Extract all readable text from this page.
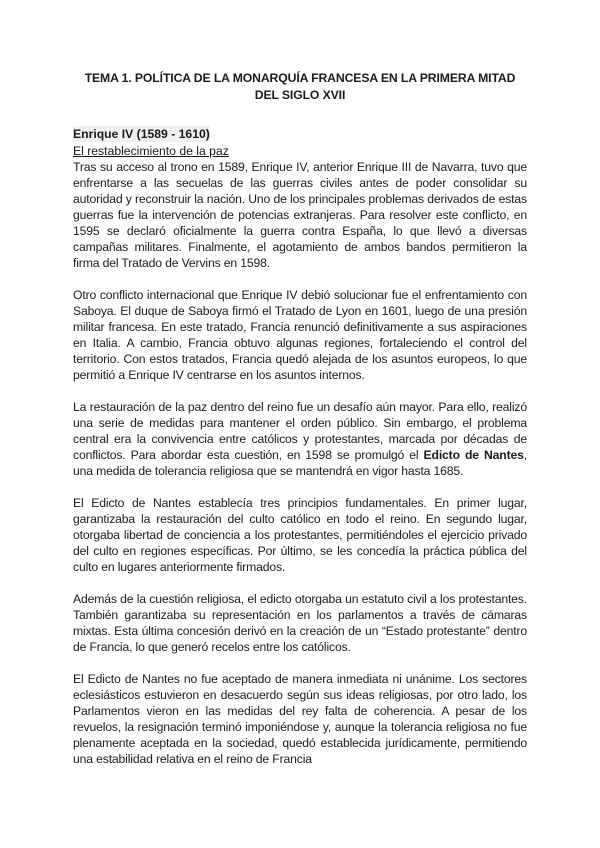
TEMA 1. POLÍTICA DE LA MONARQUÍA FRANCESA EN LA PRIMERA MITAD DEL SIGLO XVII
Enrique IV (1589 - 1610)
El restablecimiento de la paz

Tras su acceso al trono en 1589, Enrique IV, anterior Enrique III de Navarra, tuvo que enfrentarse a las secuelas de las guerras civiles antes de poder consolidar su autoridad y reconstruir la nación. Uno de los principales problemas derivados de estas guerras fue la intervención de potencias extranjeras. Para resolver este conflicto, en 1595 se declaró oficialmente la guerra contra España, lo que llevó a diversas campañas militares. Finalmente, el agotamiento de ambos bandos permitieron la firma del Tratado de Vervins en 1598.

Otro conflicto internacional que Enrique IV debió solucionar fue el enfrentamiento con Saboya. El duque de Saboya firmó el Tratado de Lyon en 1601, luego de una presión militar francesa. En este tratado, Francia renunció definitivamente a sus aspiraciones en Italia. A cambio, Francia obtuvo algunas regiones, fortaleciendo el control del territorio. Con estos tratados, Francia quedó alejada de los asuntos europeos, lo que permitió a Enrique IV centrarse en los asuntos internos.

La restauración de la paz dentro del reino fue un desafío aún mayor. Para ello, realizó una serie de medidas para mantener el orden público. Sin embargo, el problema central era la convivencia entre católicos y protestantes, marcada por décadas de conflictos. Para abordar esta cuestión, en 1598 se promulgó el Edicto de Nantes, una medida de tolerancia religiosa que se mantendrá en vigor hasta 1685.

El Edicto de Nantes establecía tres principios fundamentales. En primer lugar, garantizaba la restauración del culto católico en todo el reino. En segundo lugar, otorgaba libertad de conciencia a los protestantes, permitiéndoles el ejercicio privado del culto en regiones específicas. Por último, se les concedía la práctica pública del culto en lugares anteriormente firmados.

Además de la cuestión religiosa, el edicto otorgaba un estatuto civil a los protestantes. También garantizaba su representación en los parlamentos a través de cámaras mixtas. Esta última concesión derivó en la creación de un “Estado protestante” dentro de Francia, lo que generó recelos entre los católicos.

El Edicto de Nantes no fue aceptado de manera inmediata ni unánime. Los sectores eclesiásticos estuvieron en desacuerdo según sus ideas religiosas, por otro lado, los Parlamentos vieron en las medidas del rey falta de coherencia. A pesar de los revuelos, la resignación terminó imponiéndose y, aunque la tolerancia religiosa no fue plenamente aceptada en la sociedad, quedó establecida jurídicamente, permitiendo una estabilidad relativa en el reino de Francia
